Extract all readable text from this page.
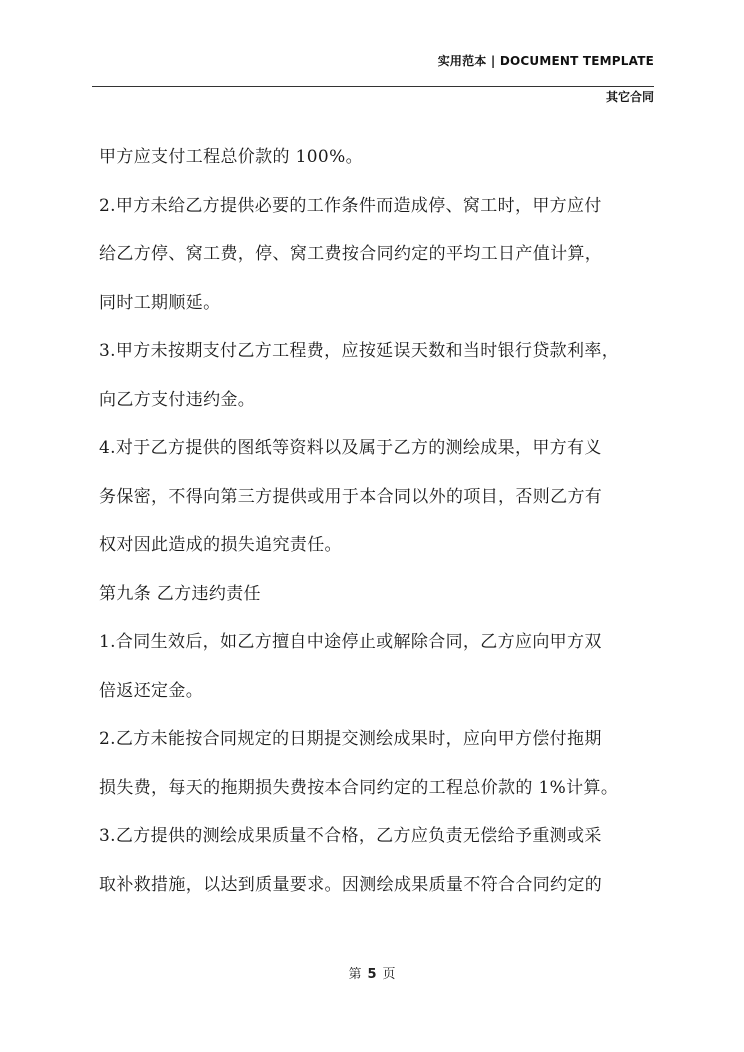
实用范本 | DOCUMENT TEMPLATE
其它合同
甲方应支付工程总价款的 100%。
2.甲方未给乙方提供必要的工作条件而造成停、窝工时，甲方应付
给乙方停、窝工费，停、窝工费按合同约定的平均工日产值计算，
同时工期顺延。
3.甲方未按期支付乙方工程费，应按延误天数和当时银行贷款利率，
向乙方支付违约金。
4.对于乙方提供的图纸等资料以及属于乙方的测绘成果，甲方有义
务保密，不得向第三方提供或用于本合同以外的项目，否则乙方有
权对因此造成的损失追究责任。
第九条 乙方违约责任
1.合同生效后，如乙方擅自中途停止或解除合同，乙方应向甲方双
倍返还定金。
2.乙方未能按合同规定的日期提交测绘成果时，应向甲方偿付拖期
损失费，每天的拖期损失费按本合同约定的工程总价款的 1%计算。
3.乙方提供的测绘成果质量不合格，乙方应负责无偿给予重测或采
取补救措施，以达到质量要求。因测绘成果质量不符合合同约定的
第 5 页
